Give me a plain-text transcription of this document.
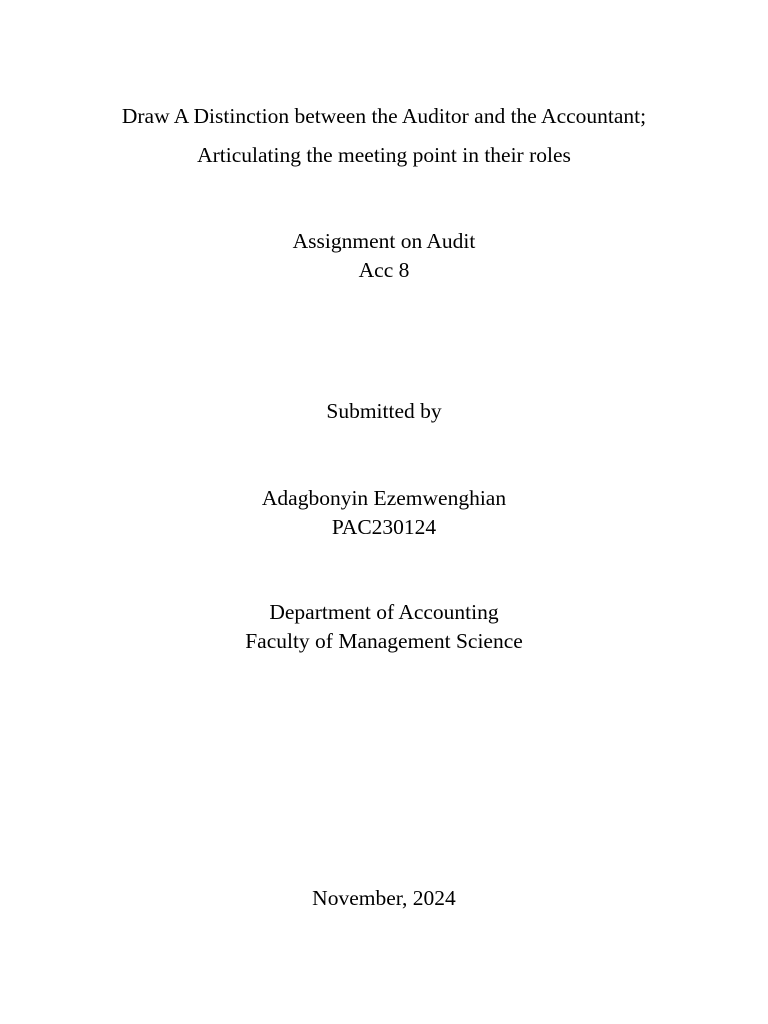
Draw A Distinction between the Auditor and the Accountant;
Articulating the meeting point in their roles
Assignment on Audit
Acc 8
Submitted by
Adagbonyin Ezemwenghian
PAC230124
Department of Accounting
Faculty of Management Science
November, 2024
